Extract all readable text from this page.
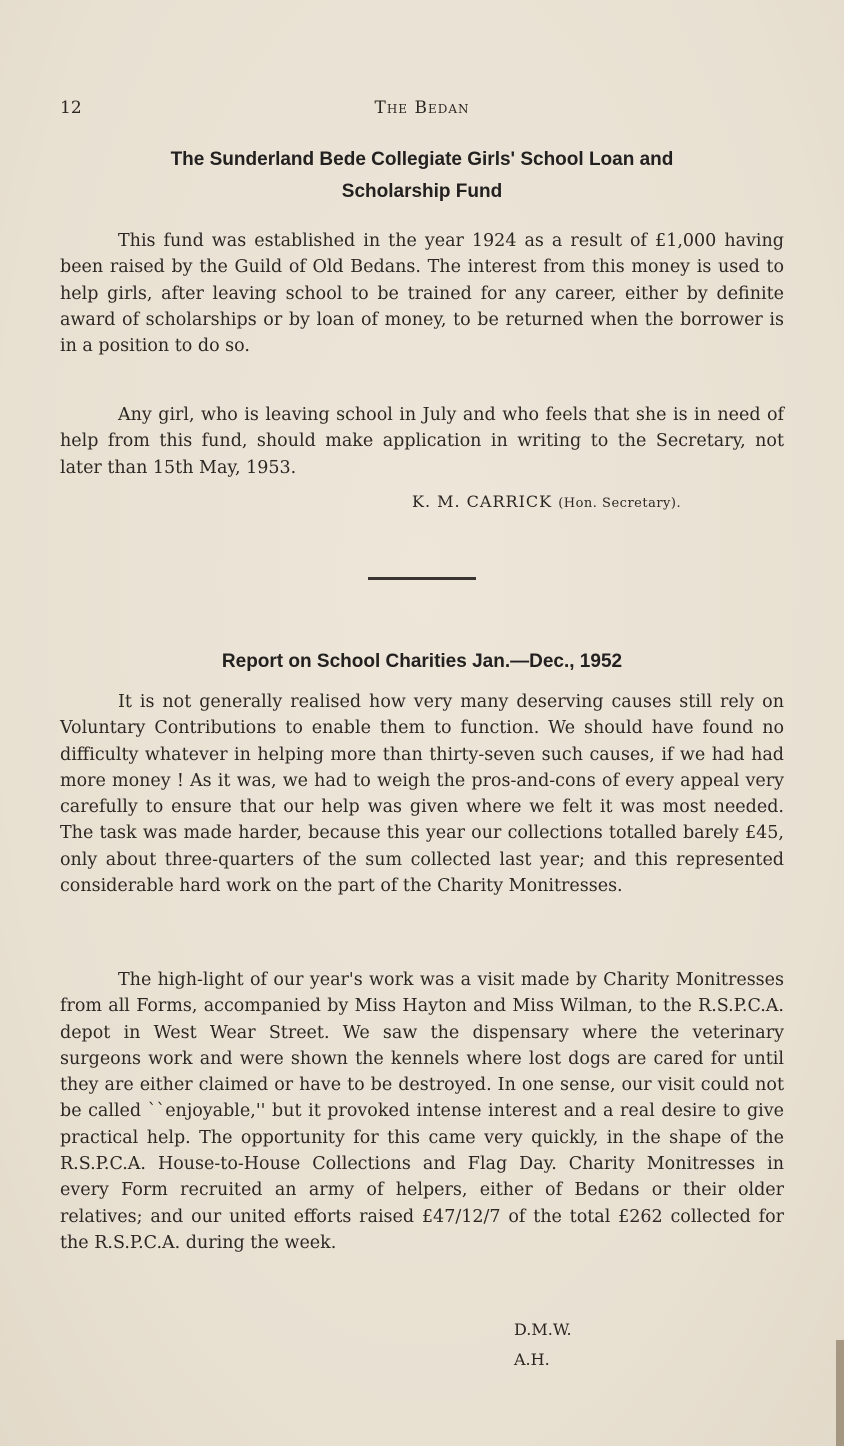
12	The Bedan
The Sunderland Bede Collegiate Girls' School Loan and
Scholarship Fund

This fund was established in the year 1924 as a result of £1,000 having been raised by the Guild of Old Bedans. The interest from this money is used to help girls, after leaving school to be trained for any career, either by definite award of scholarships or by loan of money, to be returned when the borrower is in a position to do so.

Any girl, who is leaving school in July and who feels that she is in need of help from this fund, should make application in writing to the Secretary, not later than 15th May, 1953.

K. M. CARRICK (Hon. Secretary).
Report on School Charities Jan.—Dec., 1952

It is not generally realised how very many deserving causes still rely on Voluntary Contributions to enable them to function. We should have found no difficulty whatever in helping more than thirty-seven such causes, if we had had more money ! As it was, we had to weigh the pros-and-cons of every appeal very carefully to ensure that our help was given where we felt it was most needed. The task was made harder, because this year our collections totalled barely £45, only about three-quarters of the sum collected last year; and this represented considerable hard work on the part of the Charity Monitresses.

The high-light of our year's work was a visit made by Charity Monitresses from all Forms, accompanied by Miss Hayton and Miss Wilman, to the R.S.P.C.A. depot in West Wear Street. We saw the dispensary where the veterinary surgeons work and were shown the kennels where lost dogs are cared for until they are either claimed or have to be destroyed. In one sense, our visit could not be called ``enjoyable,'' but it provoked intense interest and a real desire to give practical help. The opportunity for this came very quickly, in the shape of the R.S.P.C.A. House-to-House Collections and Flag Day. Charity Monitresses in every Form recruited an army of helpers, either of Bedans or their older relatives; and our united efforts raised £47/12/7 of the total £262 collected for the R.S.P.C.A. during the week.

D.M.W.
A.H.
